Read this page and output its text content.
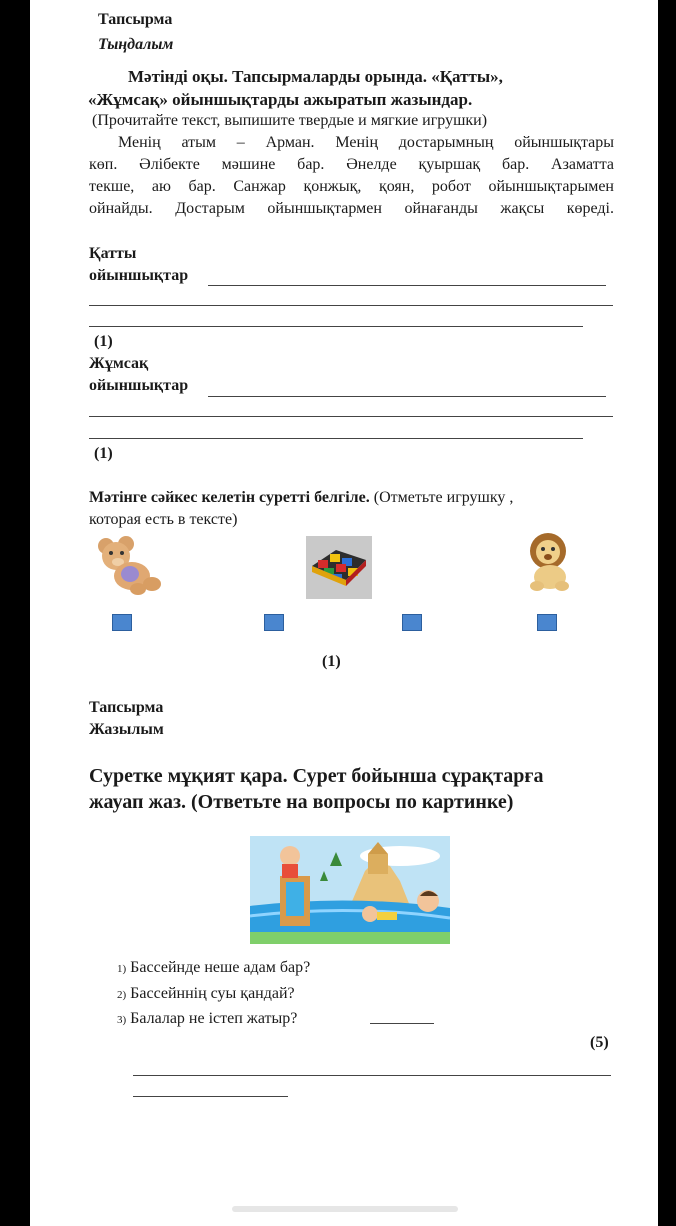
Тапсырма
Тыңдалым
Мәтінді оқы. Тапсырмаларды орында. «Қатты»,
«Жұмсақ» ойыншықтарды ажыратып жазындар.
(Прочитайте текст, выпишите твердые и мягкие игрушки)
Менің атым – Арман. Менің достарымның ойыншықтары
көп. Әлібекте мәшине бар. Әнелде қуыршақ бар. Азаматта
текше, аю бар. Санжар қонжық, қоян, робот ойыншықтарымен
ойнайды. Достарым ойыншықтармен ойнағанды жақсы көреді.
Қатты
ойыншықтар
(1)
Жұмсақ
ойыншықтар
(1)
Мәтінге сәйкес келетін суретті белгіле. (Отметьте игрушку ,
которая есть в тексте)
(1)
Тапсырма
Жазылым
Суретке мұқият қара. Сурет бойынша сұрақтарға
жауап жаз. (Ответьте на вопросы по картинке)
1) Бассейнде неше адам бар?
2) Бассейннің суы қандай?
3) Балалар не істеп жатыр?
(5)
